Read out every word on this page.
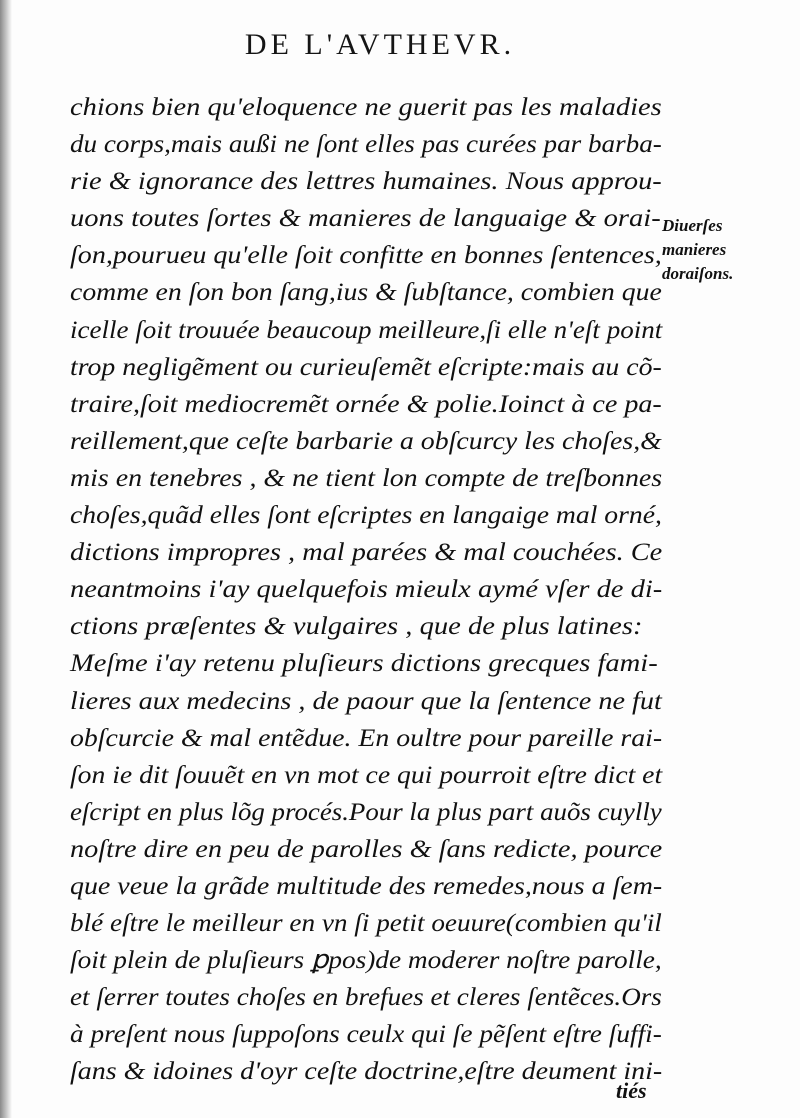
DE L'AVTHEVR.
chions bien qu'eloquence ne guerit pas les maladies
du corps,mais außi ne ſont elles pas curées par barba-
rie & ignorance des lettres humaines. Nous approu-
uons toutes ſortes & manieres de languaige & orai-
ſon,pourueu qu'elle ſoit confitte en bonnes ſentences,
comme en ſon bon ſang,ius & ſubſtance, combien que
icelle ſoit trouuée beaucoup meilleure,ſi elle n'eſt point
trop negligẽment ou curieuſemẽt eſcripte:mais au cõ-
traire,ſoit mediocremẽt ornée & polie.Ioinct à ce pa-
reillement,que ceſte barbarie a obſcurcy les choſes,&
mis en tenebres , & ne tient lon compte de treſbonnes
choſes,quãd elles ſont eſcriptes en langaige mal orné,
dictions impropres , mal parées & mal couchées. Ce
neantmoins i'ay quelquefois mieulx aymé vſer de di-
ctions præſentes & vulgaires , que de plus latines:
Meſme i'ay retenu pluſieurs dictions grecques fami-
lieres aux medecins , de paour que la ſentence ne fut
obſcurcie & mal entẽdue. En oultre pour pareille rai-
ſon ie dit ſouuẽt en vn mot ce qui pourroit eſtre dict et
eſcript en plus lõg procés.Pour la plus part auõs cuylly
noſtre dire en peu de parolles & ſans redicte, pource
que veue la grãde multitude des remedes,nous a ſem-
blé eſtre le meilleur en vn ſi petit oeuure(combien qu'il
ſoit plein de pluſieurs ꝑpos)de moderer noſtre parolle,
et ſerrer toutes choſes en brefues et cleres ſentẽces.Ors
à preſent nous ſuppoſons ceulx qui ſe pẽſent eſtre ſuffi-
ſans & idoines d'oyr ceſte doctrine,eſtre deument ini-
Diuerſes
manieres
doraiſons.
tiés
